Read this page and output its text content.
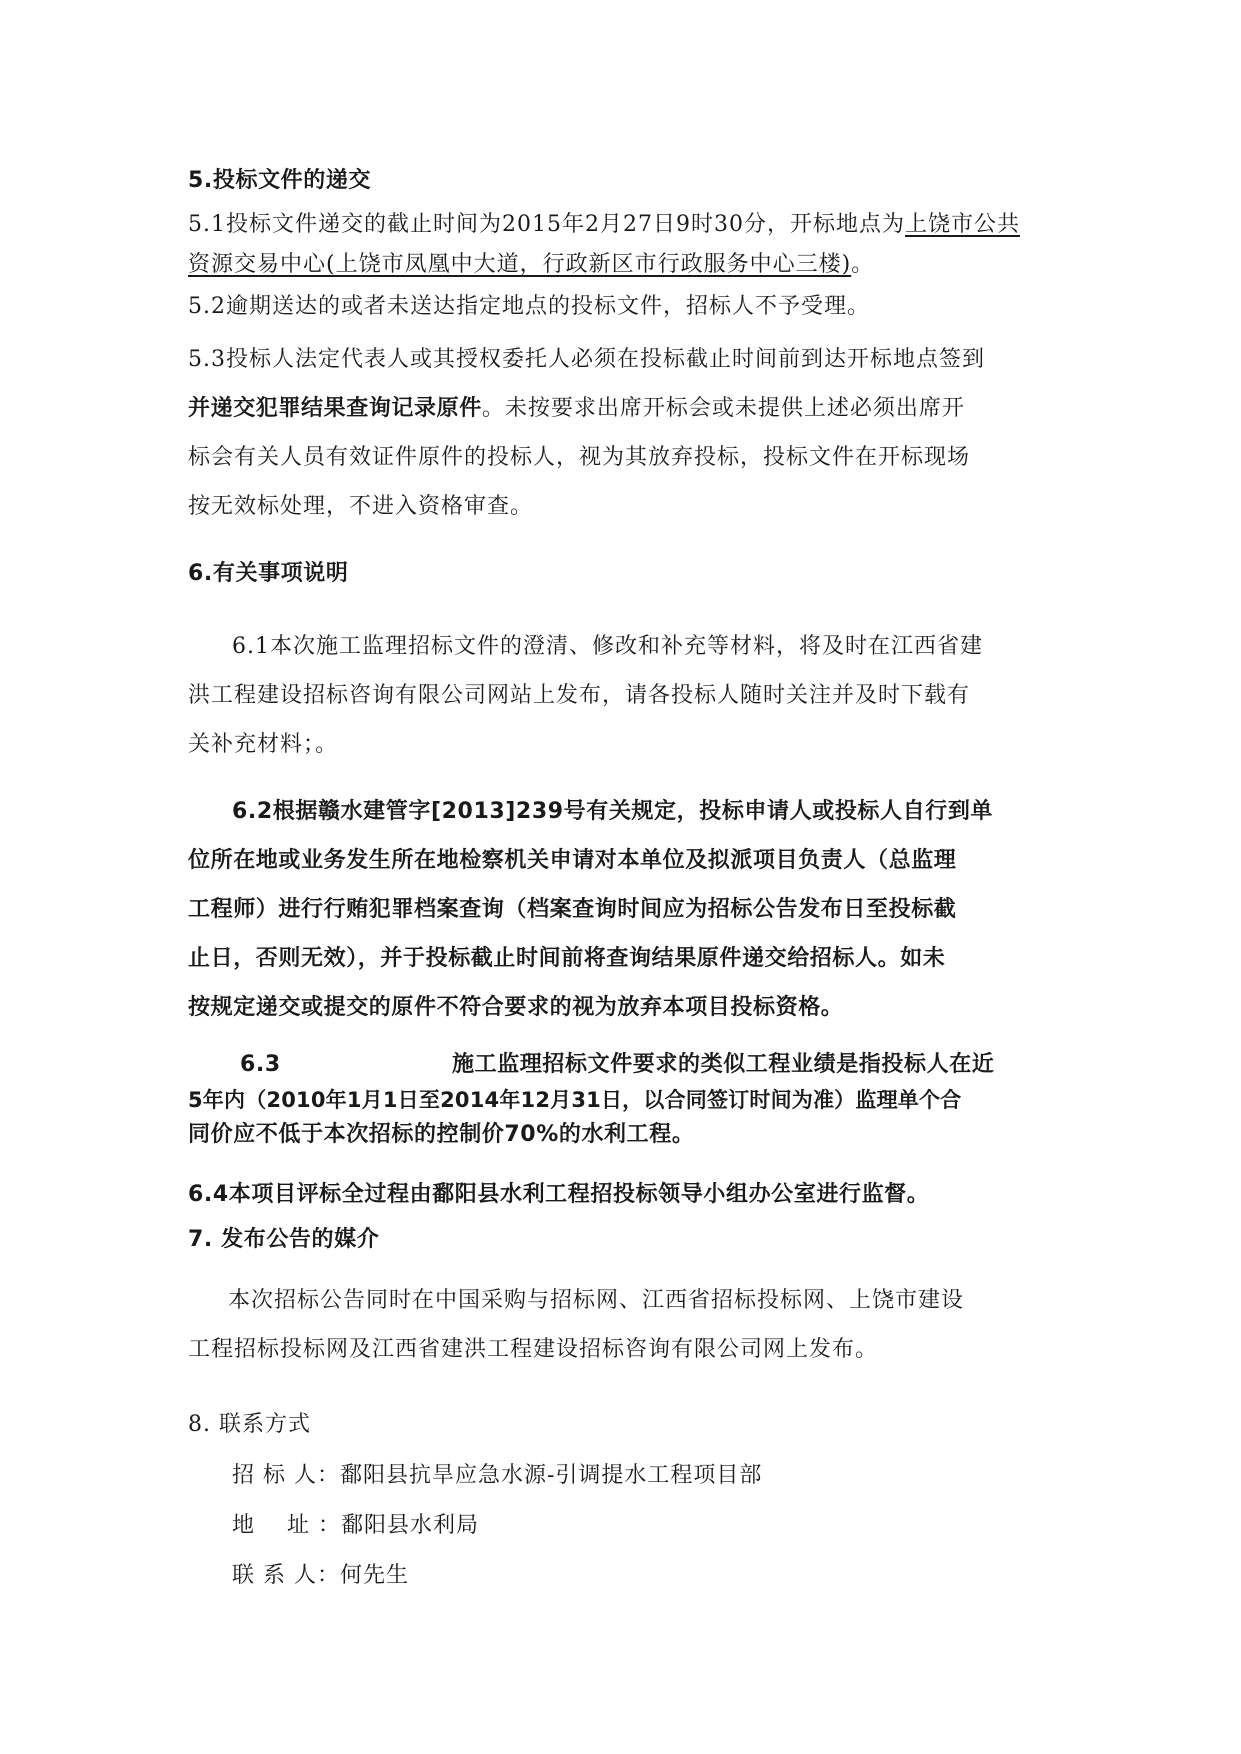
5.投标文件的递交
5.1投标文件递交的截止时间为2015年2月27日9时30分，开标地点为上饶市公共
资源交易中心(上饶市凤凰中大道，行政新区市行政服务中心三楼)。
5.2逾期送达的或者未送达指定地点的投标文件，招标人不予受理。
5.3投标人法定代表人或其授权委托人必须在投标截止时间前到达开标地点签到
并递交犯罪结果查询记录原件。未按要求出席开标会或未提供上述必须出席开
标会有关人员有效证件原件的投标人，视为其放弃投标，投标文件在开标现场
按无效标处理，不进入资格审查。
6.有关事项说明
6.1本次施工监理招标文件的澄清、修改和补充等材料，将及时在江西省建
洪工程建设招标咨询有限公司网站上发布，请各投标人随时关注并及时下载有
关补充材料；。
6.2根据赣水建管字[2013]239号有关规定，投标申请人或投标人自行到单
位所在地或业务发生所在地检察机关申请对本单位及拟派项目负责人（总监理
工程师）进行行贿犯罪档案查询（档案查询时间应为招标公告发布日至投标截
止日，否则无效），并于投标截止时间前将查询结果原件递交给招标人。如未
按规定递交或提交的原件不符合要求的视为放弃本项目投标资格。
6.3	施工监理招标文件要求的类似工程业绩是指投标人在近
5年内（2010年1月1日至2014年12月31日，以合同签订时间为准）监理单个合
同价应不低于本次招标的控制价70%的水利工程。
6.4本项目评标全过程由鄱阳县水利工程招投标领导小组办公室进行监督。
7. 发布公告的媒介
本次招标公告同时在中国采购与招标网、江西省招标投标网、上饶市建设
工程招标投标网及江西省建洪工程建设招标咨询有限公司网上发布。
8. 联系方式
招 标 人：鄱阳县抗旱应急水源-引调提水工程项目部
地    址 ：鄱阳县水利局
联 系 人：何先生
